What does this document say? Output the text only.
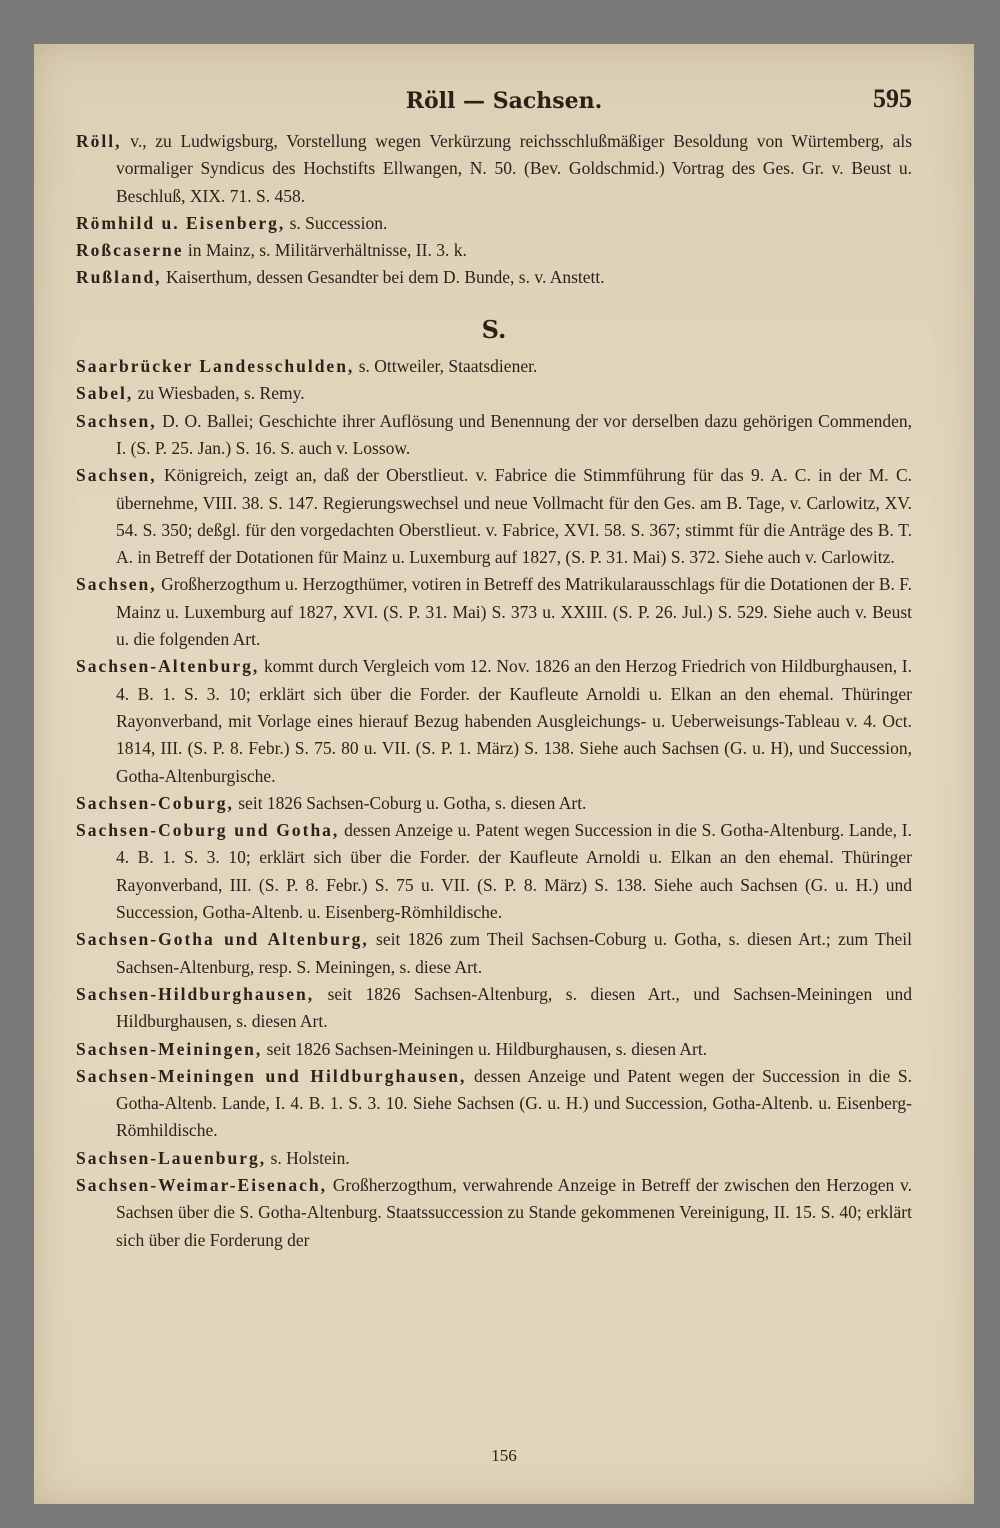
Röll — Sachsen.	595

Röll, v., zu Ludwigsburg, Vorstellung wegen Verkürzung reichsschlußmäßiger Besoldung von Würtemberg, als vormaliger Syndicus des Hochstifts Ellwangen, N. 50. (Bev. Goldschmid.) Vortrag des Ges. Gr. v. Beust u. Beschluß, XIX. 71. S. 458.

Römhild u. Eisenberg, s. Succession.

Roßcaserne in Mainz, s. Militärverhältnisse, II. 3. k.

Rußland, Kaiserthum, dessen Gesandter bei dem D. Bunde, s. v. Anstett.

S.

Saarbrücker Landesschulden, s. Ottweiler, Staatsdiener.

Sabel, zu Wiesbaden, s. Remy.

Sachsen, D. O. Ballei; Geschichte ihrer Auflösung und Benennung der vor derselben dazu gehörigen Commenden, I. (S. P. 25. Jan.) S. 16. S. auch v. Lossow.

Sachsen, Königreich, zeigt an, daß der Oberstlieut. v. Fabrice die Stimmführung für das 9. A. C. in der M. C. übernehme, VIII. 38. S. 147. Regierungswechsel und neue Vollmacht für den Ges. am B. Tage, v. Carlowitz, XV. 54. S. 350; deßgl. für den vorgedachten Oberstlieut. v. Fabrice, XVI. 58. S. 367; stimmt für die Anträge des B. T. A. in Betreff der Dotationen für Mainz u. Luxemburg auf 1827, (S. P. 31. Mai) S. 372. Siehe auch v. Carlowitz.

Sachsen, Großherzogthum u. Herzogthümer, votiren in Betreff des Matrikularausschlags für die Dotationen der B. F. Mainz u. Luxemburg auf 1827, XVI. (S. P. 31. Mai) S. 373 u. XXIII. (S. P. 26. Jul.) S. 529. Siehe auch v. Beust u. die folgenden Art.

Sachsen-Altenburg, kommt durch Vergleich vom 12. Nov. 1826 an den Herzog Friedrich von Hildburghausen, I. 4. B. 1. S. 3. 10; erklärt sich über die Forder. der Kaufleute Arnoldi u. Elkan an den ehemal. Thüringer Rayonverband, mit Vorlage eines hierauf Bezug habenden Ausgleichungs- u. Ueberweisungs-Tableau v. 4. Oct. 1814, III. (S. P. 8. Febr.) S. 75. 80 u. VII. (S. P. 1. März) S. 138. Siehe auch Sachsen (G. u. H), und Succession, Gotha-Altenburgische.

Sachsen-Coburg, seit 1826 Sachsen-Coburg u. Gotha, s. diesen Art.

Sachsen-Coburg und Gotha, dessen Anzeige u. Patent wegen Succession in die S. Gotha-Altenburg. Lande, I. 4. B. 1. S. 3. 10; erklärt sich über die Forder. der Kaufleute Arnoldi u. Elkan an den ehemal. Thüringer Rayonverband, III. (S. P. 8. Febr.) S. 75 u. VII. (S. P. 8. März) S. 138. Siehe auch Sachsen (G. u. H.) und Succession, Gotha-Altenb. u. Eisenberg-Römhildische.

Sachsen-Gotha und Altenburg, seit 1826 zum Theil Sachsen-Coburg u. Gotha, s. diesen Art.; zum Theil Sachsen-Altenburg, resp. S. Meiningen, s. diese Art.

Sachsen-Hildburghausen, seit 1826 Sachsen-Altenburg, s. diesen Art., und Sachsen-Meiningen und Hildburghausen, s. diesen Art.

Sachsen-Meiningen, seit 1826 Sachsen-Meiningen u. Hildburghausen, s. diesen Art.

Sachsen-Meiningen und Hildburghausen, dessen Anzeige und Patent wegen der Succession in die S. Gotha-Altenb. Lande, I. 4. B. 1. S. 3. 10. Siehe Sachsen (G. u. H.) und Succession, Gotha-Altenb. u. Eisenberg-Römhildische.

Sachsen-Lauenburg, s. Holstein.

Sachsen-Weimar-Eisenach, Großherzogthum, verwahrende Anzeige in Betreff der zwischen den Herzogen v. Sachsen über die S. Gotha-Altenburg. Staatssuccession zu Stande gekommenen Vereinigung, II. 15. S. 40; erklärt sich über die Forderung der

156
